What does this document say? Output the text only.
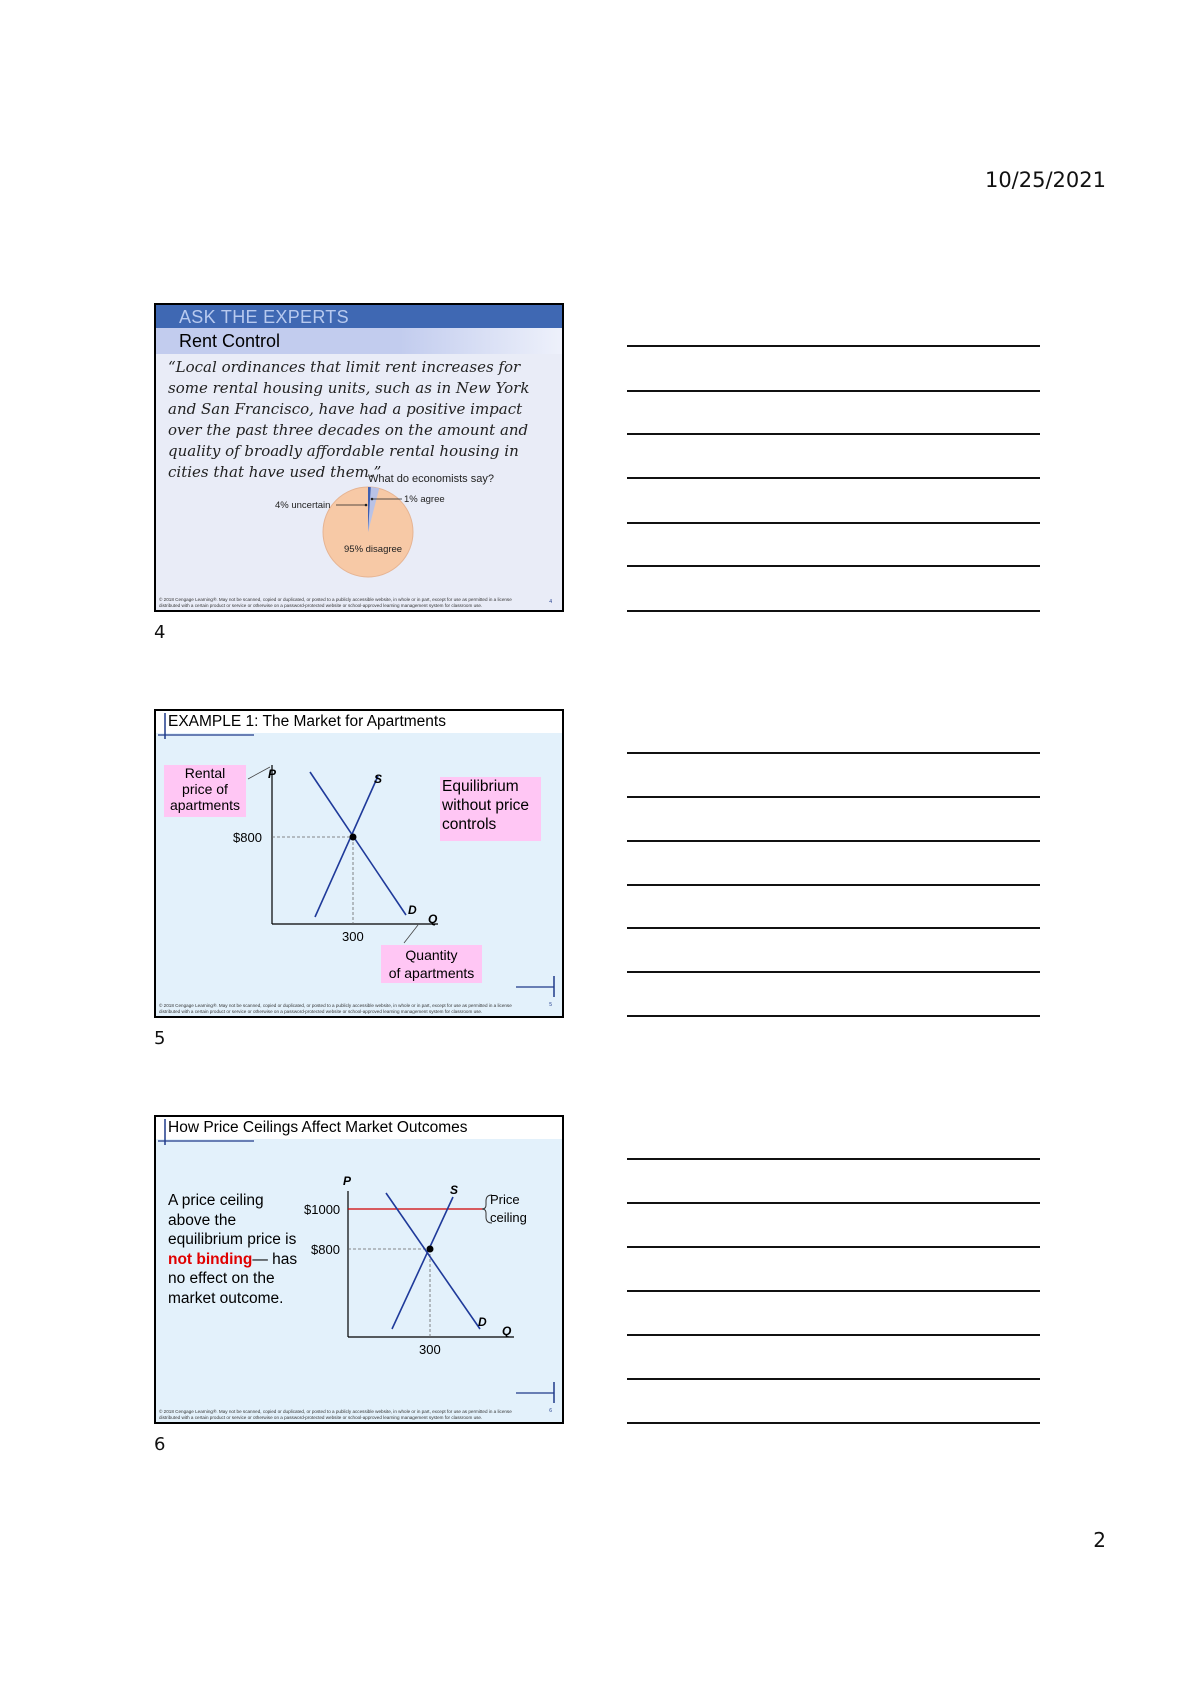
10/25/2021
2
ASK THE EXPERTS
Rent Control
“Local ordinances that limit rent increases for some rental housing units, such as in New York and San Francisco, have had a positive impact over the past three decades on the amount and quality of broadly affordable rental housing in cities that have used them.”
What do economists say?
4% uncertain
1% agree
95% disagree
© 2018 Cengage Learning®. May not be scanned, copied or duplicated, or posted to a publicly accessible website, in whole or in part, except for use as permitted in a license distributed with a certain product or service or otherwise on a password-protected website or school-approved learning management system for classroom use.
4
4
EXAMPLE 1: The Market for Apartments
P
Q
S
D
$800
300
Rental
price of
apartments
Equilibrium
without price
controls
Quantity
of apartments
© 2018 Cengage Learning®. May not be scanned, copied or duplicated, or posted to a publicly accessible website, in whole or in part, except for use as permitted in a license distributed with a certain product or service or otherwise on a password-protected website or school-approved learning management system for classroom use.
5
5
How Price Ceilings Affect Market Outcomes
A price ceiling above the equilibrium price is not binding— has no effect on the market outcome.
P
Q
S
D
$1000
$800
300
Price
ceiling
© 2018 Cengage Learning®. May not be scanned, copied or duplicated, or posted to a publicly accessible website, in whole or in part, except for use as permitted in a license distributed with a certain product or service or otherwise on a password-protected website or school-approved learning management system for classroom use.
6
6
